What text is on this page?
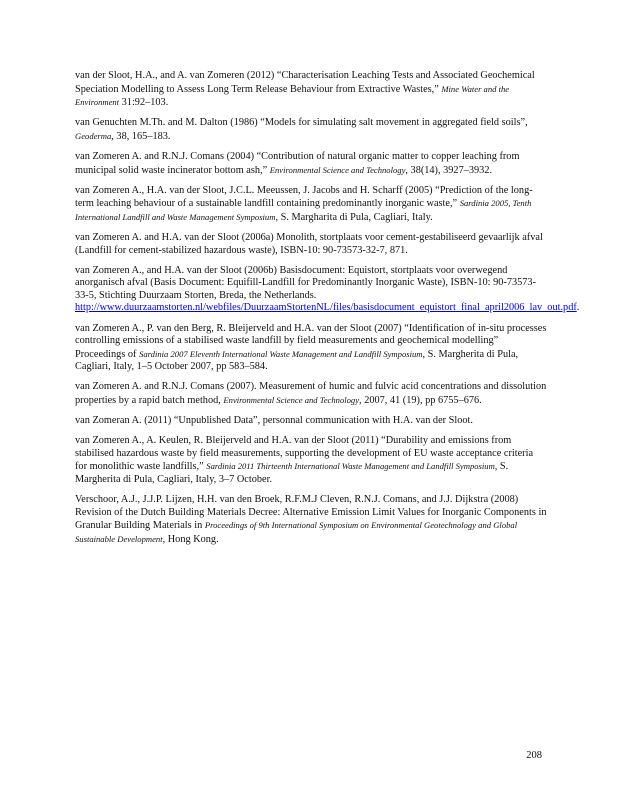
van der Sloot, H.A., and A. van Zomeren (2012) “Characterisation Leaching Tests and Associated Geochemical Speciation Modelling to Assess Long Term Release Behaviour from Extractive Wastes,” Mine Water and the Environment 31:92–103.

van Genuchten M.Th. and M. Dalton (1986) “Models for simulating salt movement in aggregated field soils”, Geoderma, 38, 165–183.

van Zomeren A. and R.N.J. Comans (2004) “Contribution of natural organic matter to copper leaching from municipal solid waste incinerator bottom ash,” Environmental Science and Technology, 38(14), 3927–3932.

van Zomeren A., H.A. van der Sloot, J.C.L. Meeussen, J. Jacobs and H. Scharff (2005) “Prediction of the long-term leaching behaviour of a sustainable landfill containing predominantly inorganic waste,” Sardinia 2005, Tenth International Landfill and Waste Management Symposium, S. Margharita di Pula, Cagliari, Italy.

van Zomeren A. and H.A. van der Sloot (2006a) Monolith, stortplaats voor cement-gestabiliseerd gevaarlijk afval (Landfill for cement-stabilized hazardous waste), ISBN-10: 90-73573-32-7, 871.

van Zomeren A., and H.A. van der Sloot (2006b) Basisdocument: Equistort, stortplaats voor overwegend anorganisch afval (Basis Document: Equifill-Landfill for Predominantly Inorganic Waste), ISBN-10: 90-73573-33-5, Stichting Duurzaam Storten, Breda, the Netherlands. http://www.duurzaamstorten.nl/webfiles/DuurzaamStortenNL/files/basisdocument_equistort_final_april2006_lav_out.pdf.

van Zomeren A., P. van den Berg, R. Bleijerveld and H.A. van der Sloot (2007) “Identification of in-situ processes controlling emissions of a stabilised waste landfill by field measurements and geochemical modelling” Proceedings of Sardinia 2007 Eleventh International Waste Management and Landfill Symposium, S. Margherita di Pula, Cagliari, Italy, 1–5 October 2007, pp 583–584.

van Zomeren A. and R.N.J. Comans (2007). Measurement of humic and fulvic acid concentrations and dissolution properties by a rapid batch method, Environmental Science and Technology, 2007, 41 (19), pp 6755–676.

van Zomeran A. (2011) “Unpublished Data”, personnal communication with H.A. van der Sloot.

van Zomeren A., A. Keulen, R. Bleijerveld and H.A. van der Sloot (2011) “Durability and emissions from stabilised hazardous waste by field measurements, supporting the development of EU waste acceptance criteria for monolithic waste landfills,” Sardinia 2011 Thirteenth International Waste Management and Landfill Symposium, S. Margherita di Pula, Cagliari, Italy, 3–7 October.

Verschoor, A.J., J.J.P. Lijzen, H.H. van den Broek, R.F.M.J Cleven, R.N.J. Comans, and J.J. Dijkstra (2008) Revision of the Dutch Building Materials Decree: Alternative Emission Limit Values for Inorganic Components in Granular Building Materials in Proceedings of 9th International Symposium on Environmental Geotechnology and Global Sustainable Development, Hong Kong.

208
